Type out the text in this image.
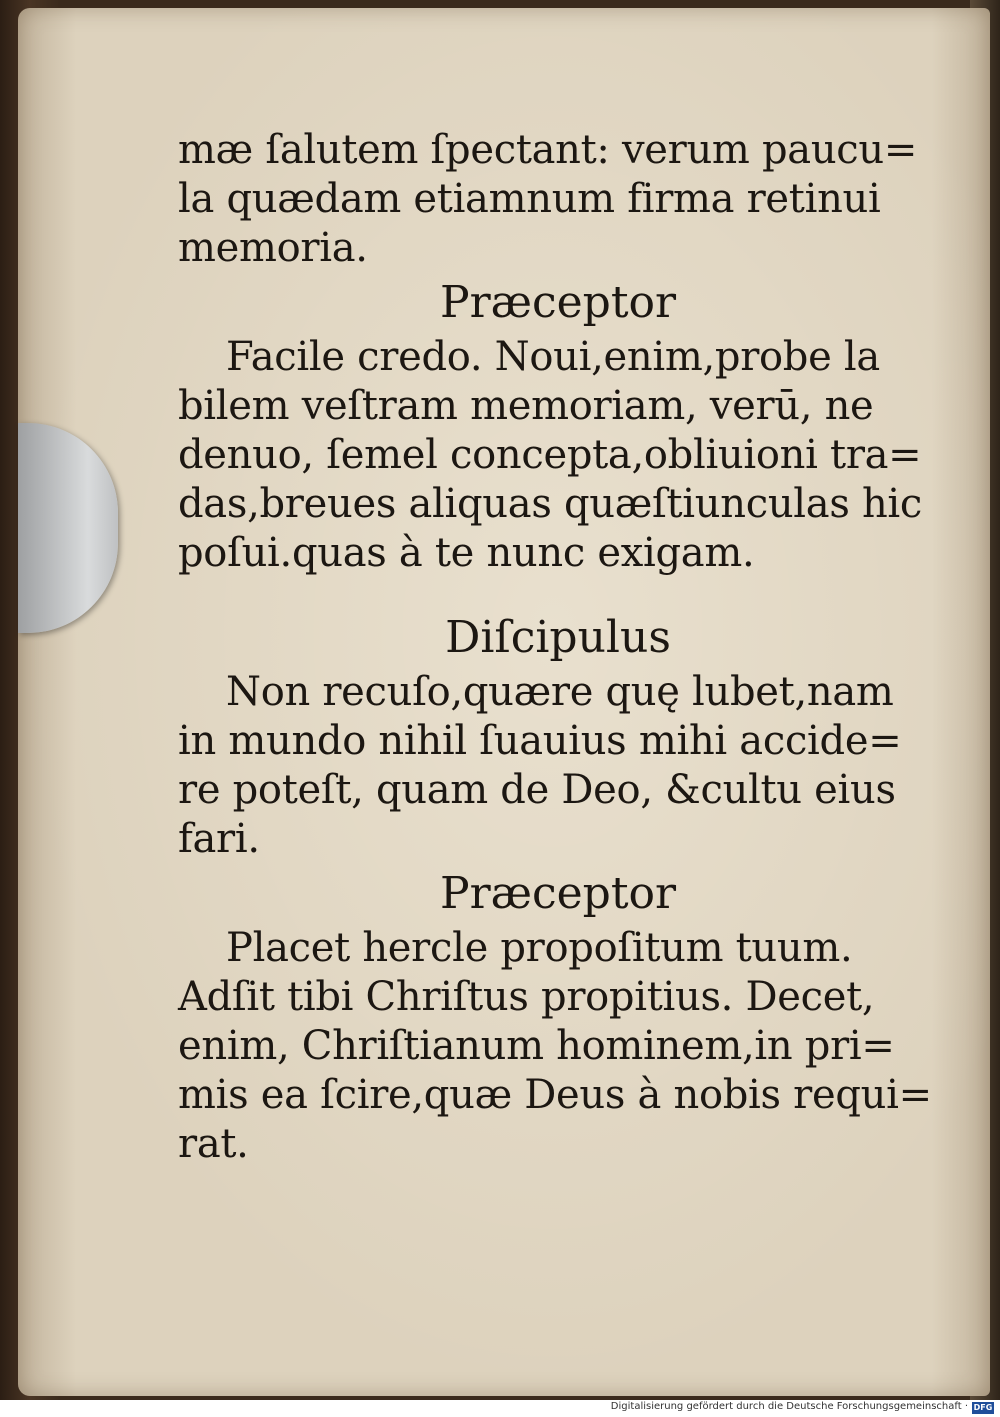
mæ ſalutem ſpectant: verum paucu=
la quædam etiamnum firma retinui
memoria.
Præceptor
Facile credo. Noui,enim,probe la
bilem veſtram memoriam, verū, ne
denuo, ſemel concepta,obliuioni tra=
das,breues aliquas quæſtiunculas hic
poſui.quas à te nunc exigam.
Diſcipulus
Non recuſo,quære quę lubet,nam
in mundo nihil ſuauius mihi accide=
re poteſt, quam de Deo, &cultu eius
fari.
Præceptor
Placet hercle propoſitum tuum.
Adſit tibi Chriſtus propitius. Decet,
enim, Chriſtianum hominem,in pri=
mis ea ſcire,quæ Deus à nobis requi=
rat.
Digitalisierung gefördert durch die Deutsche Forschungsgemeinschaft · DFG
